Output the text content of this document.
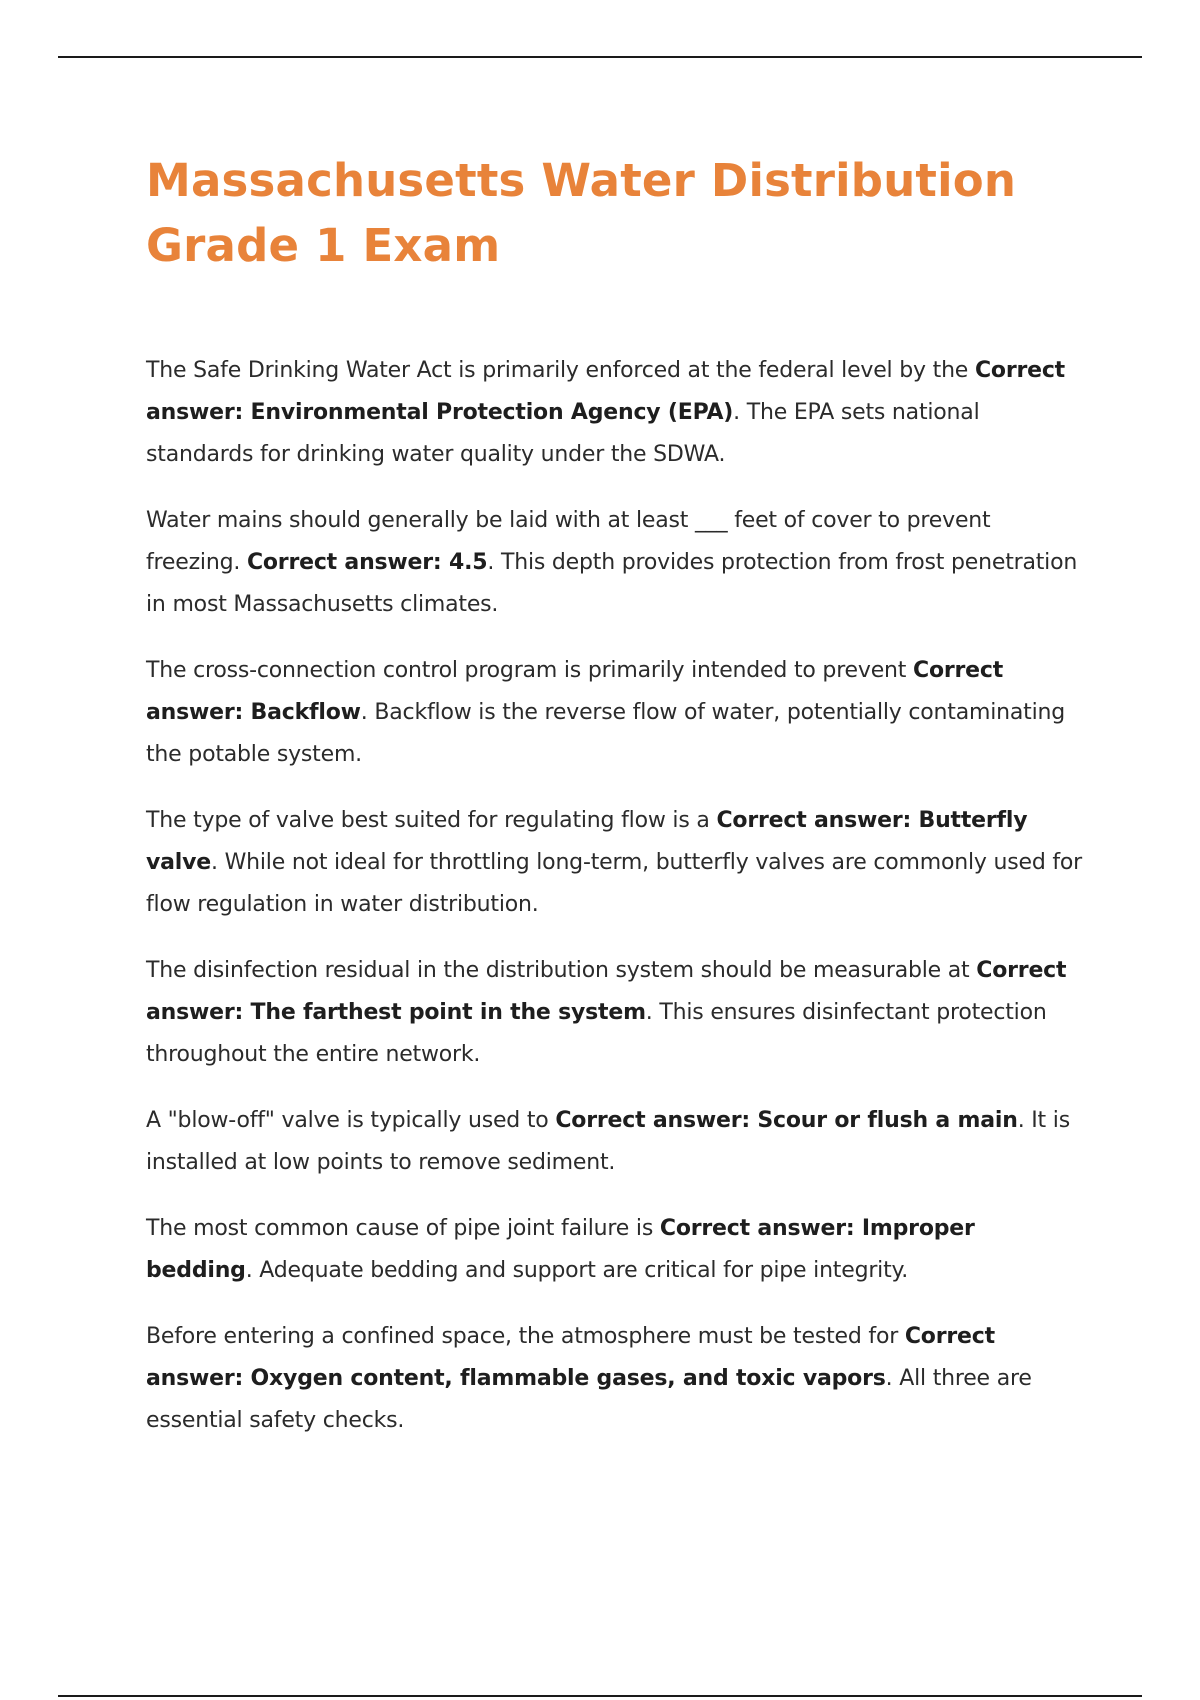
Massachusetts Water Distribution Grade 1 Exam

The Safe Drinking Water Act is primarily enforced at the federal level by the Correct answer: Environmental Protection Agency (EPA). The EPA sets national standards for drinking water quality under the SDWA.

Water mains should generally be laid with at least ___ feet of cover to prevent freezing. Correct answer: 4.5. This depth provides protection from frost penetration in most Massachusetts climates.

The cross-connection control program is primarily intended to prevent Correct answer: Backflow. Backflow is the reverse flow of water, potentially contaminating the potable system.

The type of valve best suited for regulating flow is a Correct answer: Butterfly valve. While not ideal for throttling long-term, butterfly valves are commonly used for flow regulation in water distribution.

The disinfection residual in the distribution system should be measurable at Correct answer: The farthest point in the system. This ensures disinfectant protection throughout the entire network.

A "blow-off" valve is typically used to Correct answer: Scour or flush a main. It is installed at low points to remove sediment.

The most common cause of pipe joint failure is Correct answer: Improper bedding. Adequate bedding and support are critical for pipe integrity.

Before entering a confined space, the atmosphere must be tested for Correct answer: Oxygen content, flammable gases, and toxic vapors. All three are essential safety checks.
